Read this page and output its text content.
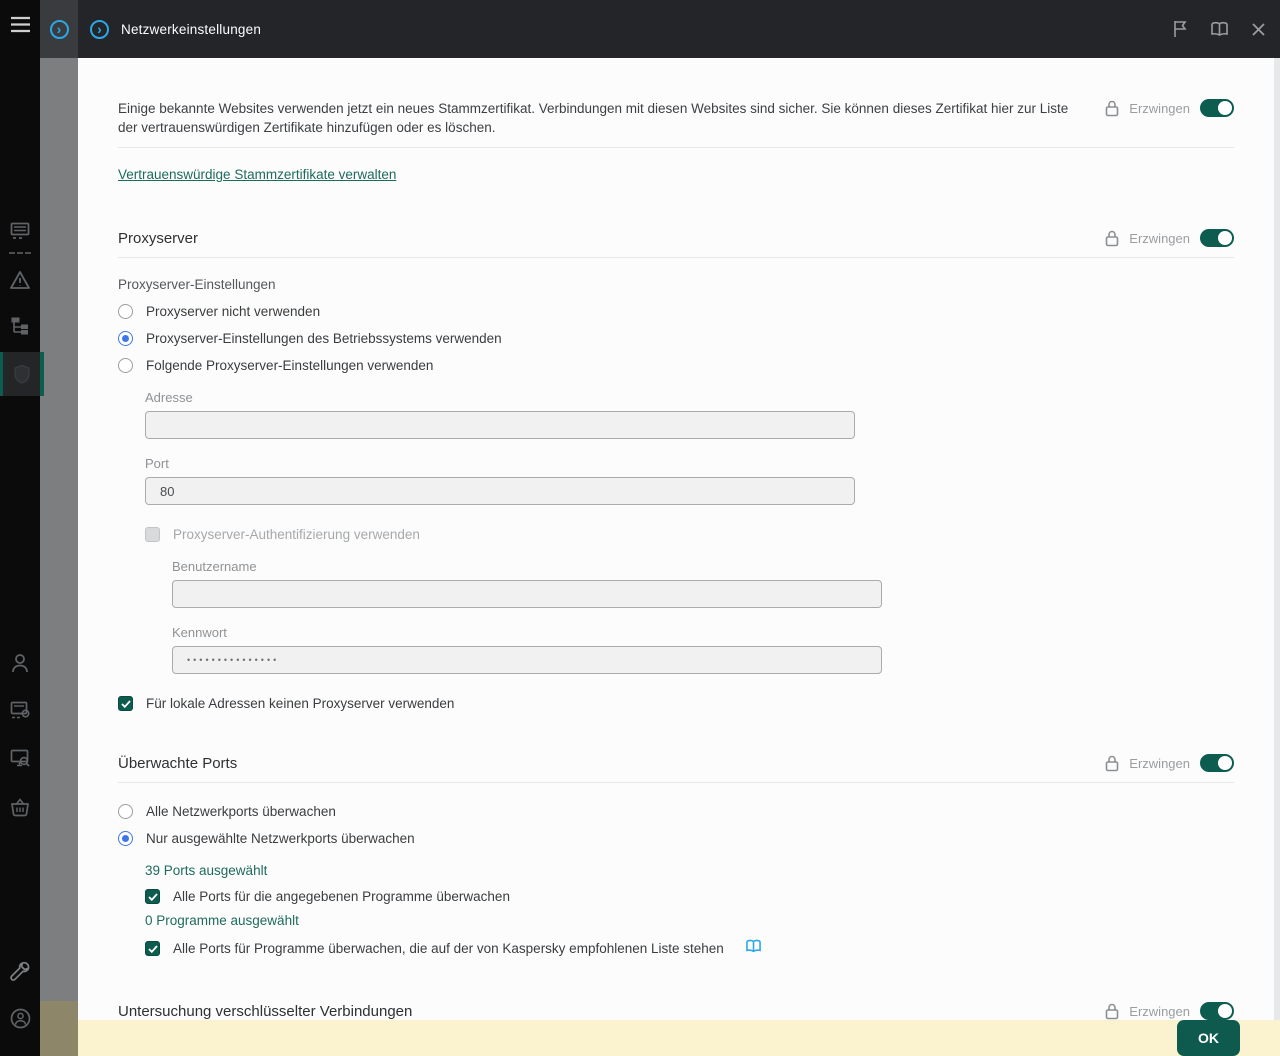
›	›	Netzwerkeinstellungen

Einige bekannte Websites verwenden jetzt ein neues Stammzertifikat. Verbindungen mit diesen Websites sind sicher. Sie können dieses Zertifikat hier zur Liste der vertrauenswürdigen Zertifikate hinzufügen oder es löschen.

Erzwingen
Vertrauenswürdige Stammzertifikate verwalten
Proxyserver	Erzwingen
Proxyserver-Einstellungen
Proxyserver nicht verwenden
Proxyserver-Einstellungen des Betriebssystems verwenden
Folgende Proxyserver-Einstellungen verwenden
Adresse
Port
80
Proxyserver-Authentifizierung verwenden
Benutzername
Kennwort
•••••••••••••••
Für lokale Adressen keinen Proxyserver verwenden
Überwachte Ports	Erzwingen
Alle Netzwerkports überwachen
Nur ausgewählte Netzwerkports überwachen
39 Ports ausgewählt
Alle Ports für die angegebenen Programme überwachen
0 Programme ausgewählt
Alle Ports für Programme überwachen, die auf der von Kaspersky empfohlenen Liste stehen
Untersuchung verschlüsselter Verbindungen	Erzwingen
OK
